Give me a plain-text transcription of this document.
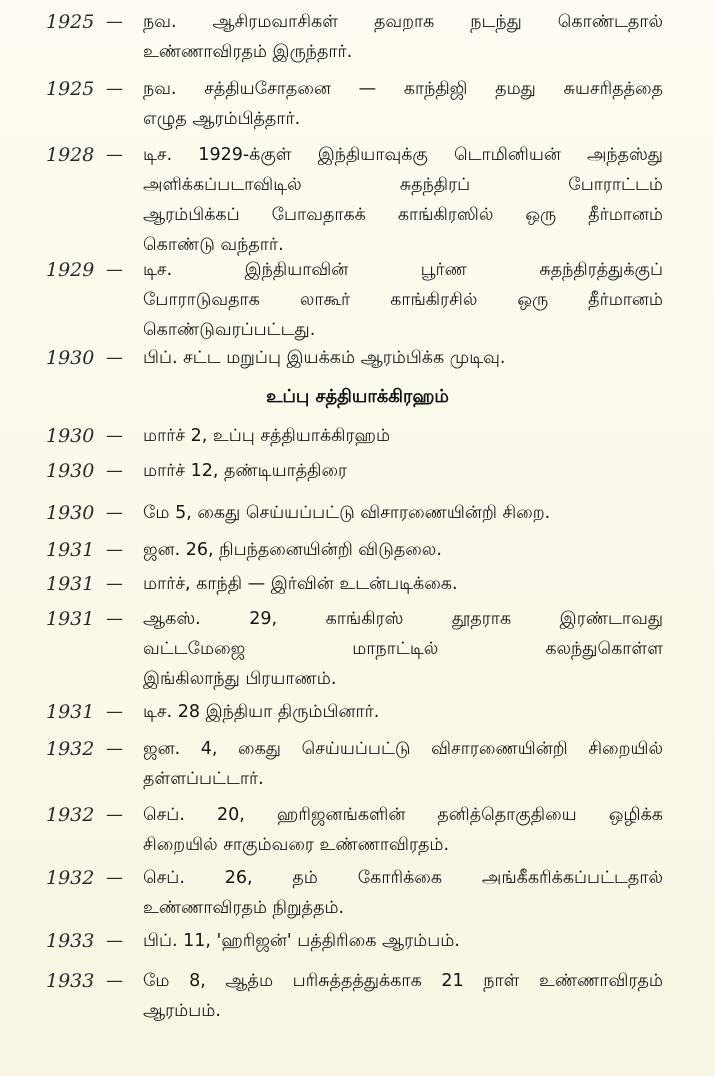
1925 — நவ. ஆசிரமவாசிகள் தவறாக நடந்து கொண்டதால்
உண்ணாவிரதம் இருந்தார்.
1925 — நவ. சத்தியசோதனை — காந்திஜி தமது சுயசரிதத்தை
எழுத ஆரம்பித்தார்.
1928 — டிச. 1929-க்குள் இந்தியாவுக்கு டொமினியன் அந்தஸ்து
அளிக்கப்படாவிடில் சுதந்திரப் போராட்டம்
ஆரம்பிக்கப் போவதாகக் காங்கிரஸில் ஒரு தீர்மானம்
கொண்டு வந்தார்.
1929 — டிச. இந்தியாவின் பூர்ண சுதந்திரத்துக்குப்
போராடுவதாக லாகூர் காங்கிரசில் ஒரு தீர்மானம்
கொண்டுவரப்பட்டது.
1930 — பிப். சட்ட மறுப்பு இயக்கம் ஆரம்பிக்க முடிவு.
உப்பு சத்தியாக்கிரஹம்
1930 — மார்ச் 2, உப்பு சத்தியாக்கிரஹம்
1930 — மார்ச் 12, தண்டியாத்திரை
1930 — மே 5, கைது செய்யப்பட்டு விசாரணையின்றி சிறை.
1931 — ஜன. 26, நிபந்தனையின்றி விடுதலை.
1931 — மார்ச், காந்தி — இர்வின் உடன்படிக்கை.
1931 — ஆகஸ். 29, காங்கிரஸ் தூதராக இரண்டாவது
வட்டமேஜை மாநாட்டில் கலந்துகொள்ள
இங்கிலாந்து பிரயாணம்.
1931 — டிச. 28 இந்தியா திரும்பினார்.
1932 — ஜன. 4, கைது செய்யப்பட்டு விசாரணையின்றி சிறையில்
தள்ளப்பட்டார்.
1932 — செப். 20, ஹரிஜனங்களின் தனித்தொகுதியை ஒழிக்க
சிறையில் சாகும்வரை உண்ணாவிரதம்.
1932 — செப். 26, தம் கோரிக்கை அங்கீகரிக்கப்பட்டதால்
உண்ணாவிரதம் நிறுத்தம்.
1933 — பிப். 11, 'ஹரிஜன்' பத்திரிகை ஆரம்பம்.
1933 — மே 8, ஆத்ம பரிசுத்தத்துக்காக 21 நாள் உண்ணாவிரதம்
ஆரம்பம்.
